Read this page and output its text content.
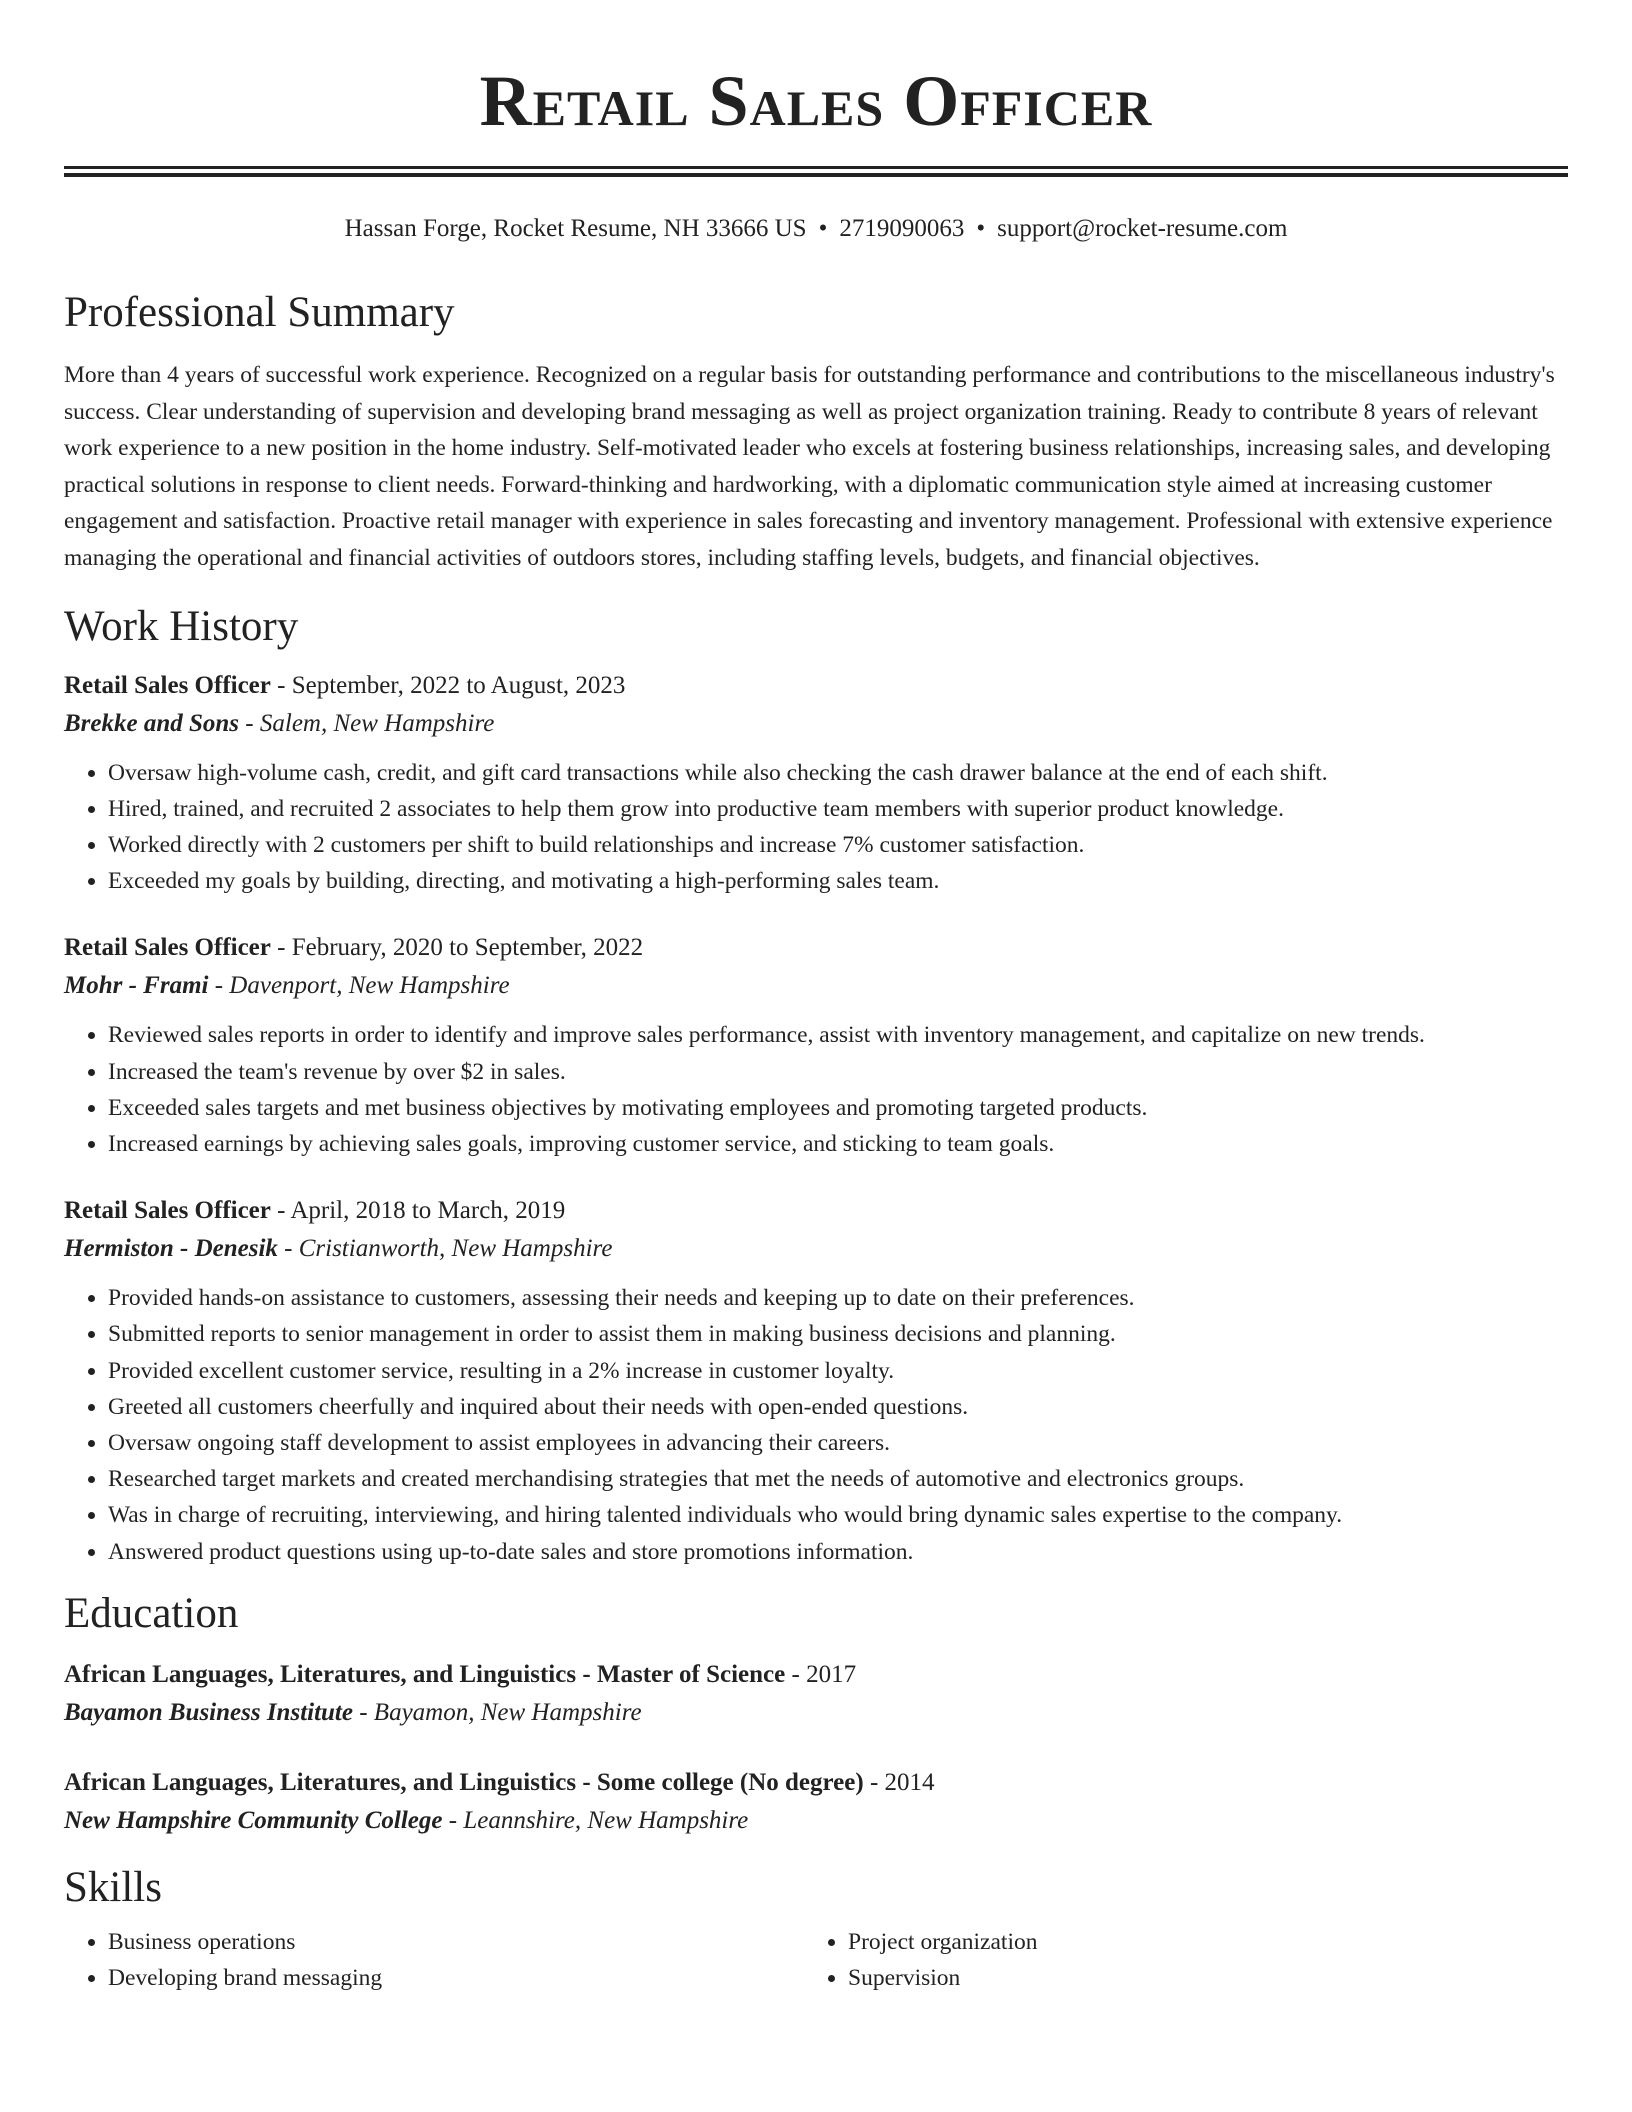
Retail Sales Officer
Hassan Forge, Rocket Resume, NH 33666 US • 2719090063 • support@rocket-resume.com
Professional Summary
More than 4 years of successful work experience. Recognized on a regular basis for outstanding performance and contributions to the miscellaneous industry's success. Clear understanding of supervision and developing brand messaging as well as project organization training. Ready to contribute 8 years of relevant work experience to a new position in the home industry. Self-motivated leader who excels at fostering business relationships, increasing sales, and developing practical solutions in response to client needs. Forward-thinking and hardworking, with a diplomatic communication style aimed at increasing customer engagement and satisfaction. Proactive retail manager with experience in sales forecasting and inventory management. Professional with extensive experience managing the operational and financial activities of outdoors stores, including staffing levels, budgets, and financial objectives.
Work History
Retail Sales Officer - September, 2022 to August, 2023
Brekke and Sons - Salem, New Hampshire
• Oversaw high-volume cash, credit, and gift card transactions while also checking the cash drawer balance at the end of each shift.
• Hired, trained, and recruited 2 associates to help them grow into productive team members with superior product knowledge.
• Worked directly with 2 customers per shift to build relationships and increase 7% customer satisfaction.
• Exceeded my goals by building, directing, and motivating a high-performing sales team.
Retail Sales Officer - February, 2020 to September, 2022
Mohr - Frami - Davenport, New Hampshire
• Reviewed sales reports in order to identify and improve sales performance, assist with inventory management, and capitalize on new trends.
• Increased the team's revenue by over $2 in sales.
• Exceeded sales targets and met business objectives by motivating employees and promoting targeted products.
• Increased earnings by achieving sales goals, improving customer service, and sticking to team goals.
Retail Sales Officer - April, 2018 to March, 2019
Hermiston - Denesik - Cristianworth, New Hampshire
• Provided hands-on assistance to customers, assessing their needs and keeping up to date on their preferences.
• Submitted reports to senior management in order to assist them in making business decisions and planning.
• Provided excellent customer service, resulting in a 2% increase in customer loyalty.
• Greeted all customers cheerfully and inquired about their needs with open-ended questions.
• Oversaw ongoing staff development to assist employees in advancing their careers.
• Researched target markets and created merchandising strategies that met the needs of automotive and electronics groups.
• Was in charge of recruiting, interviewing, and hiring talented individuals who would bring dynamic sales expertise to the company.
• Answered product questions using up-to-date sales and store promotions information.
Education
African Languages, Literatures, and Linguistics - Master of Science - 2017
Bayamon Business Institute - Bayamon, New Hampshire
African Languages, Literatures, and Linguistics - Some college (No degree) - 2014
New Hampshire Community College - Leannshire, New Hampshire
Skills
• Business operations
• Developing brand messaging
• Project organization
• Supervision
